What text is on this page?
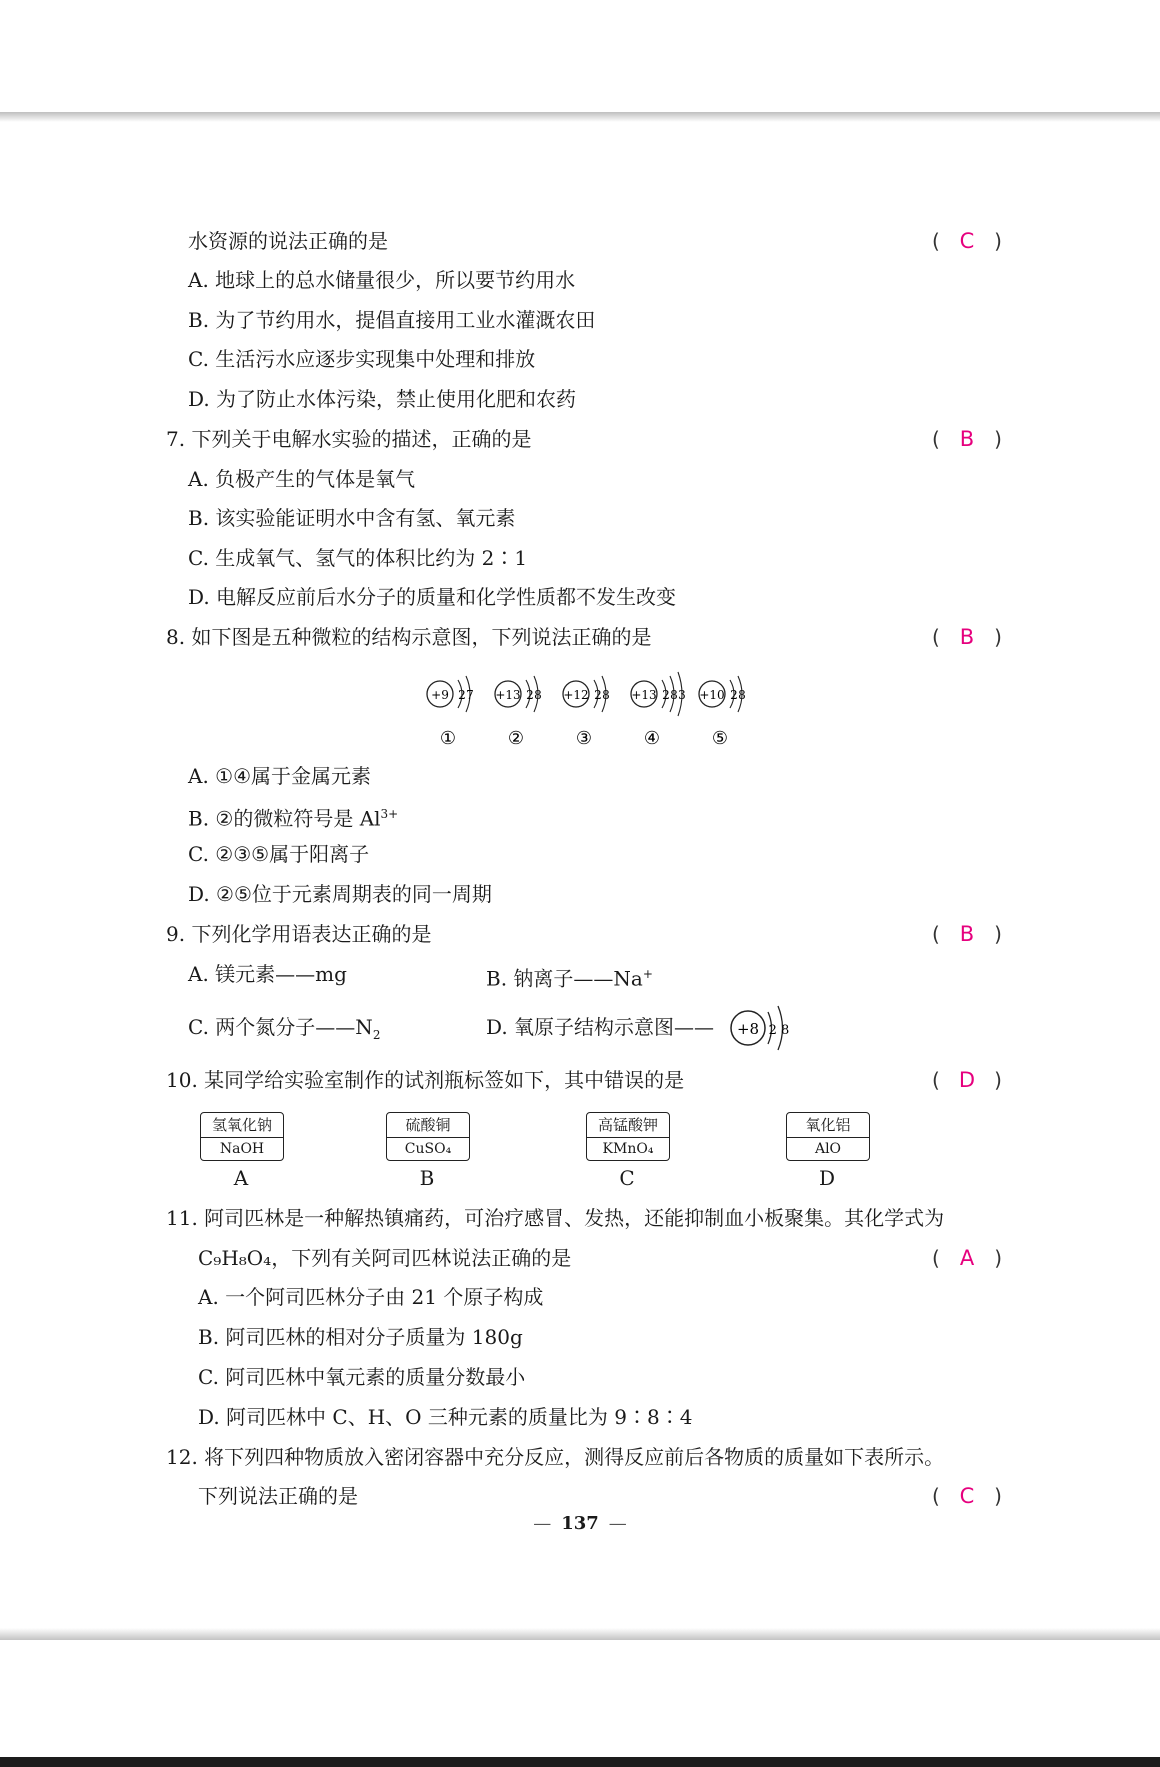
水资源的说法正确的是	( C )
A. 地球上的总水储量很少，所以要节约用水
B. 为了节约用水，提倡直接用工业水灌溉农田
C. 生活污水应逐步实现集中处理和排放
D. 为了防止水体污染，禁止使用化肥和农药
7. 下列关于电解水实验的描述，正确的是	( B )
A. 负极产生的气体是氧气
B. 该实验能证明水中含有氢、氧元素
C. 生成氧气、氢气的体积比约为 2∶1
D. 电解反应前后水分子的质量和化学性质都不发生改变
8. 如下图是五种微粒的结构示意图，下列说法正确的是	( B )
+9 2 7
①
+13 2 8
②
+12 2 8
③
+13 2 8 3
④
+10 2 8
⑤
A. ①④属于金属元素
B. ②的微粒符号是 $Al^{3+}$
C. ②③⑤属于阳离子
D. ②⑤位于元素周期表的同一周期
9. 下列化学用语表达正确的是	( B )
A. 镁元素——mg	B. 钠离子——Na+
C. 两个氮分子$——N_2$	D. 氧原子结构示意图—— +8 2 8
10. 某同学给实验室制作的试剂瓶标签如下，其中错误的是	( D )
氢氧化钠
NaOH
A
硫酸铜
CuSO₄
B
高锰酸钾
KMnO₄
C
氧化铝
AlO
D
11. 阿司匹林是一种解热镇痛药，可治疗感冒、发热，还能抑制血小板聚集。其化学式为
C₉H₈O₄，下列有关阿司匹林说法正确的是	( A )
A. 一个阿司匹林分子由 21 个原子构成
B. 阿司匹林的相对分子质量为 180g
C. 阿司匹林中氧元素的质量分数最小
D. 阿司匹林中 C、H、O 三种元素的质量比为 9∶8∶4
12. 将下列四种物质放入密闭容器中充分反应，测得反应前后各物质的质量如下表所示。
下列说法正确的是	( C )
— 137 —
